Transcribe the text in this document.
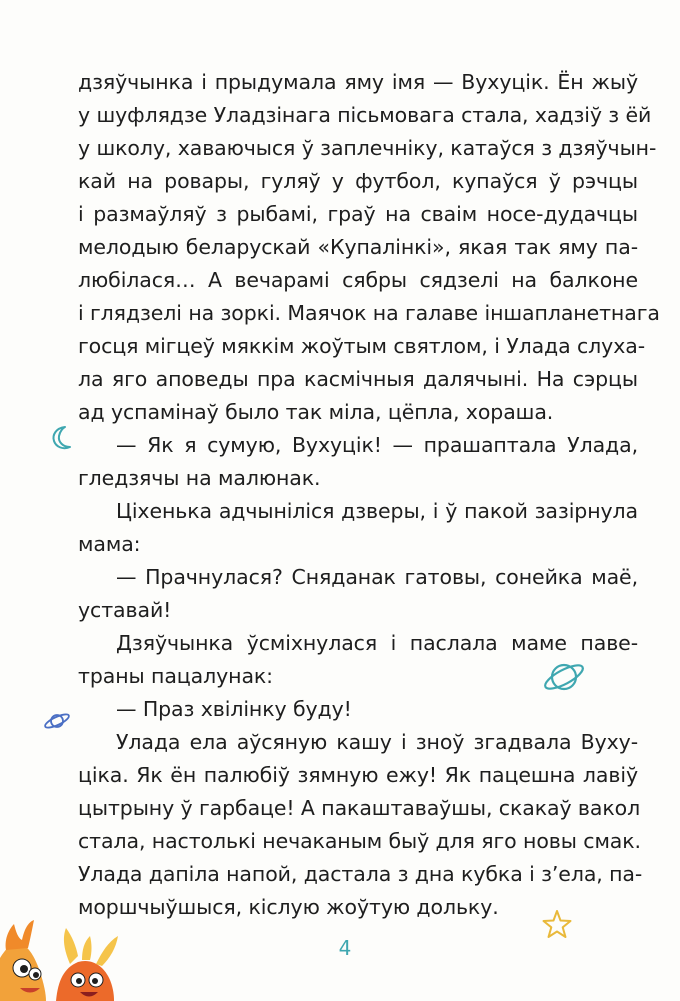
дзяўчынка і прыдумала яму імя — Вухуцік. Ён жыў
у шуфлядзе Уладзінага пісьмовага стала, хадзіў з ёй
у школу, хаваючыся ў заплечніку, катаўся з дзяўчын-
кай на ровары, гуляў у футбол, купаўся ў рэчцы
і размаўляў з рыбамі, граў на сваім носе-дудачцы
мелодыю беларускай «Купалінкі», якая так яму па-
любілася… А вечарамі сябры сядзелі на балконе
і глядзелі на зоркі. Маячок на галаве іншапланетнага
госця мігцеў мяккім жоўтым святлом, і Улада слуха-
ла яго аповеды пра касмічныя далячыні. На сэрцы
ад успамінаў было так міла, цёпла, хораша.
— Як я сумую, Вухуцік! — прашаптала Улада,
гледзячы на малюнак.
Ціхенька адчыніліся дзверы, і ў пакой зазірнула
мама:
— Прачнулася? Сняданак гатовы, сонейка маё,
уставай!
Дзяўчынка ўсміхнулася і паслала маме паве-
траны пацалунак:
— Праз хвілінку буду!
Улада ела аўсяную кашу і зноў згадвала Вуху-
ціка. Як ён палюбіў зямную ежу! Як пацешна лавіў
цытрыну ў гарбаце! А пакаштаваўшы, скакаў вакол
стала, настолькі нечаканым быў для яго новы смак.
Улада дапіла напой, дастала з дна кубка і з’ела, па-
моршчыўшыся, кіслую жоўтую дольку.
4
